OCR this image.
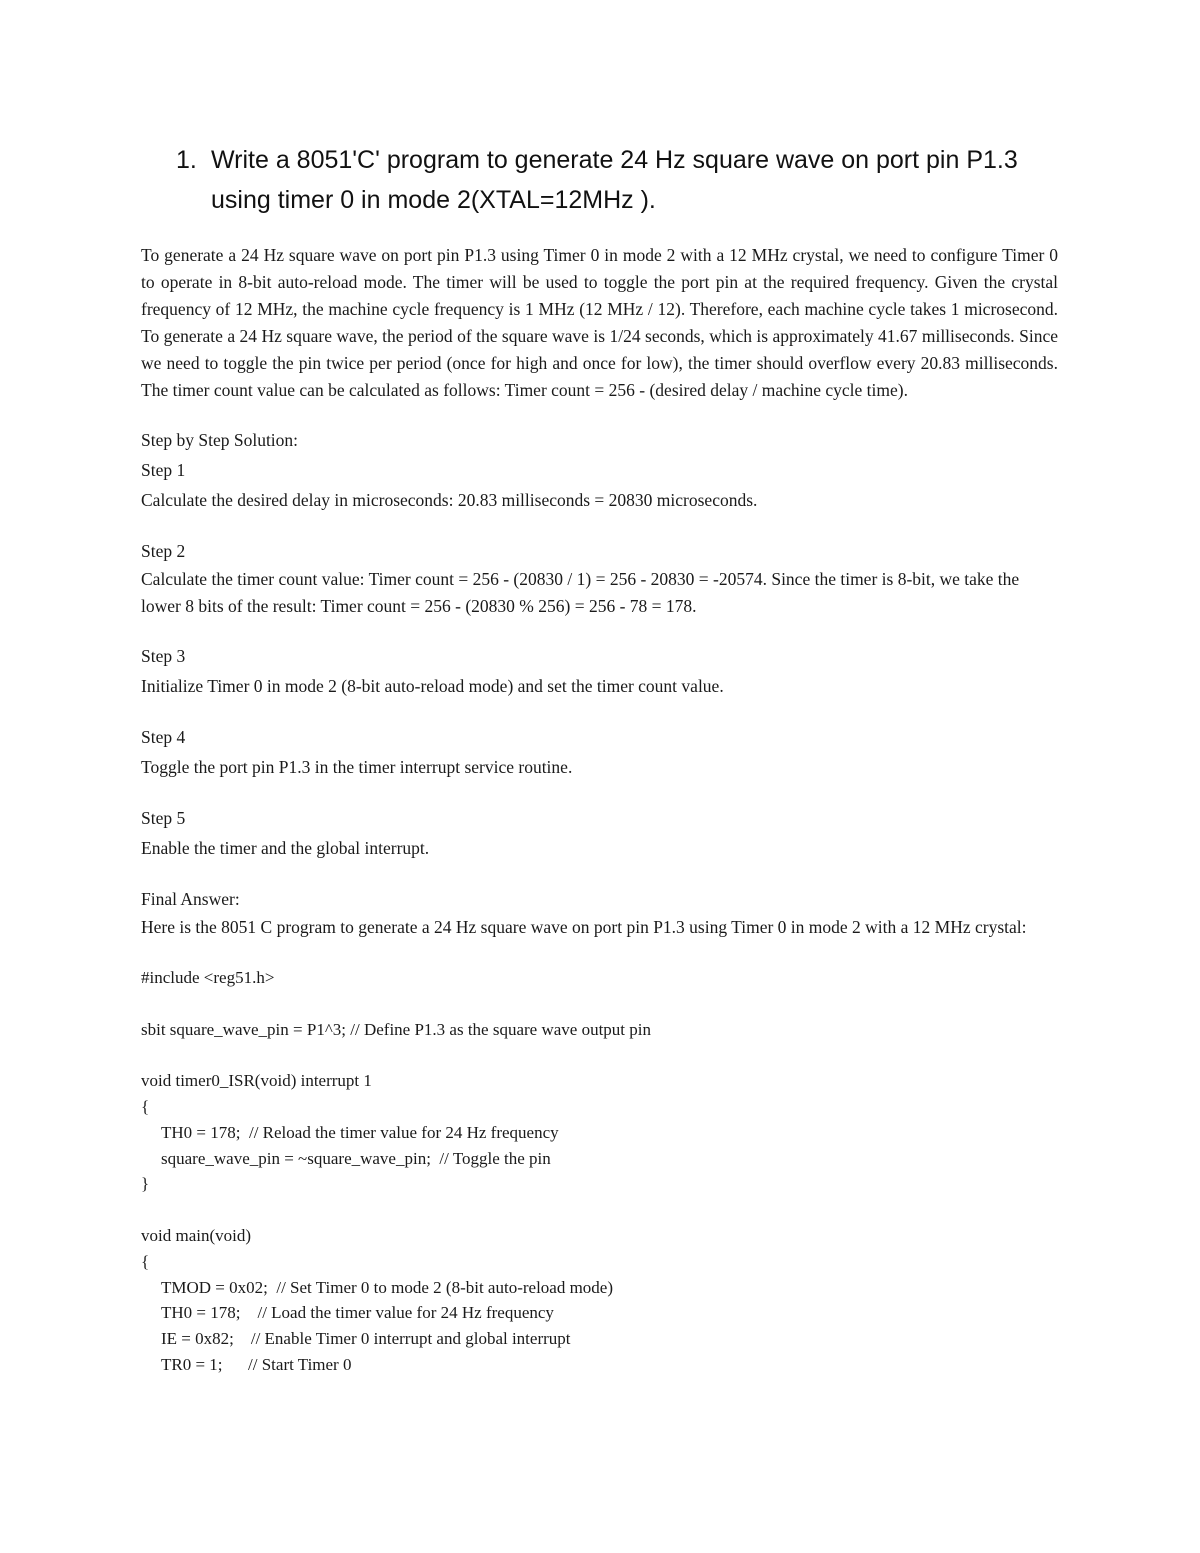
1. Write a 8051'C' program to generate 24 Hz square wave on port pin P1.3 using timer 0 in mode 2(XTAL=12MHz ).

To generate a 24 Hz square wave on port pin P1.3 using Timer 0 in mode 2 with a 12 MHz crystal, we need to configure Timer 0 to operate in 8-bit auto-reload mode. The timer will be used to toggle the port pin at the required frequency. Given the crystal frequency of 12 MHz, the machine cycle frequency is 1 MHz (12 MHz / 12). Therefore, each machine cycle takes 1 microsecond. To generate a 24 Hz square wave, the period of the square wave is 1/24 seconds, which is approximately 41.67 milliseconds. Since we need to toggle the pin twice per period (once for high and once for low), the timer should overflow every 20.83 milliseconds. The timer count value can be calculated as follows: Timer count = 256 - (desired delay / machine cycle time).

Step by Step Solution:

Step 1

Calculate the desired delay in microseconds: 20.83 milliseconds = 20830 microseconds.

Step 2

Calculate the timer count value: Timer count = 256 - (20830 / 1) = 256 - 20830 = -20574. Since the timer is 8-bit, we take the lower 8 bits of the result: Timer count = 256 - (20830 % 256) = 256 - 78 = 178.

Step 3

Initialize Timer 0 in mode 2 (8-bit auto-reload mode) and set the timer count value.

Step 4

Toggle the port pin P1.3 in the timer interrupt service routine.

Step 5

Enable the timer and the global interrupt.

Final Answer:

Here is the 8051 C program to generate a 24 Hz square wave on port pin P1.3 using Timer 0 in mode 2 with a 12 MHz crystal:

#include <reg51.h>
sbit square_wave_pin = P1^3; // Define P1.3 as the square wave output pin
void timer0_ISR(void) interrupt 1
{
TH0 = 178;  // Reload the timer value for 24 Hz frequency
square_wave_pin = ~square_wave_pin;  // Toggle the pin
}
void main(void)
{
TMOD = 0x02;  // Set Timer 0 to mode 2 (8-bit auto-reload mode)
TH0 = 178;    // Load the timer value for 24 Hz frequency
IE = 0x82;    // Enable Timer 0 interrupt and global interrupt
TR0 = 1;      // Start Timer 0
